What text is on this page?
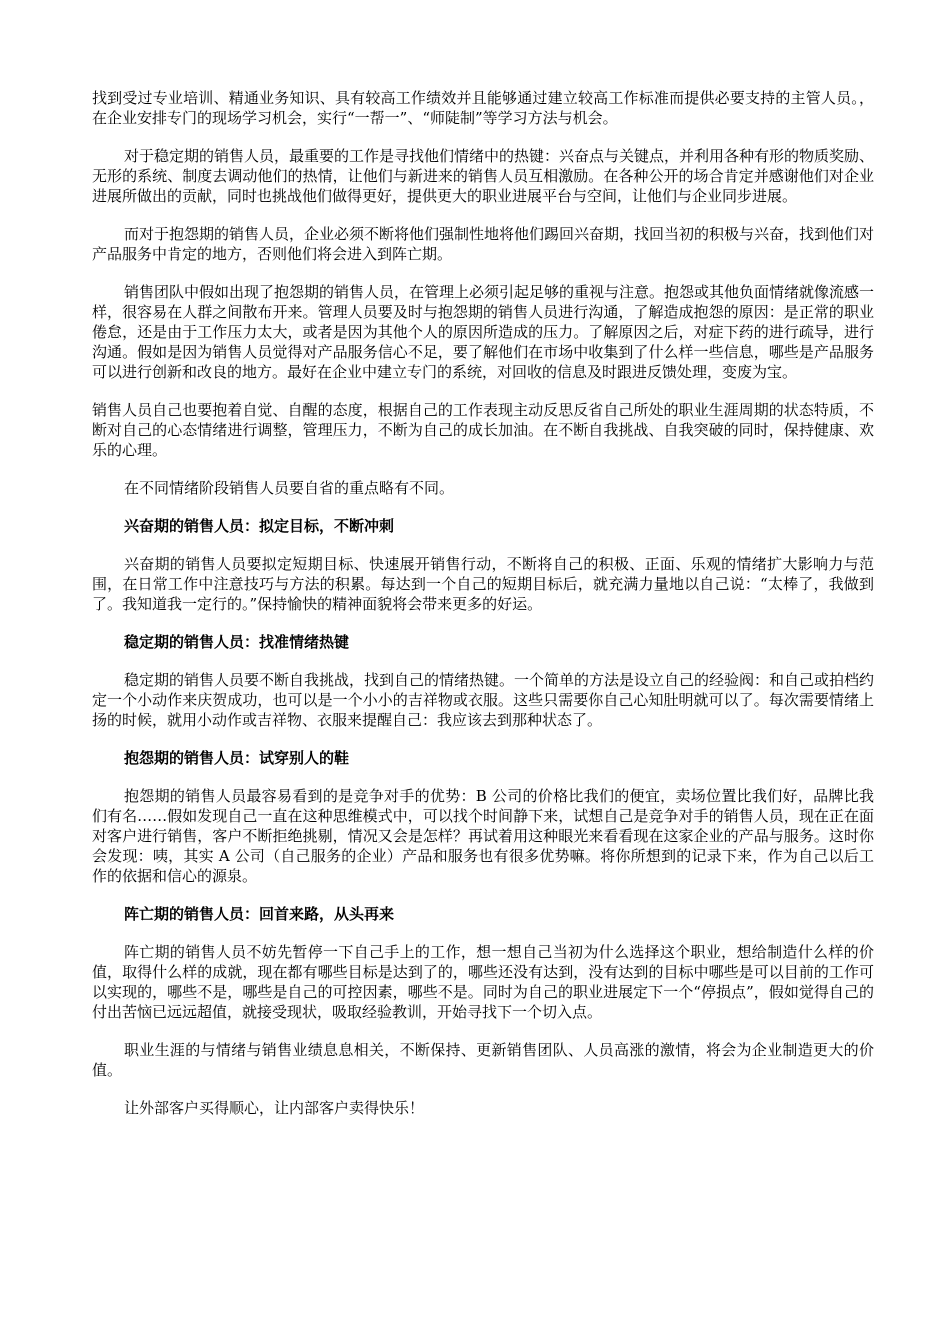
找到受过专业培训、精通业务知识、具有较高工作绩效并且能够通过建立较高工作标准而提供必要支持的主管人员。，在企业安排专门的现场学习机会，实行“一帮一”、“师陡制”等学习方法与机会。

对于稳定期的销售人员，最重要的工作是寻找他们情绪中的热键：兴奋点与关键点，并利用各种有形的物质奖励、无形的系统、制度去调动他们的热情，让他们与新进来的销售人员互相激励。在各种公开的场合肯定并感谢他们对企业进展所做出的贡献，同时也挑战他们做得更好，提供更大的职业进展平台与空间，让他们与企业同步进展。

而对于抱怨期的销售人员，企业必须不断将他们强制性地将他们踢回兴奋期，找回当初的积极与兴奋，找到他们对产品服务中肯定的地方，否则他们将会进入到阵亡期。

销售团队中假如出现了抱怨期的销售人员，在管理上必须引起足够的重视与注意。抱怨或其他负面情绪就像流感一样，很容易在人群之间散布开来。管理人员要及时与抱怨期的销售人员进行沟通，了解造成抱怨的原因：是正常的职业倦怠，还是由于工作压力太大，或者是因为其他个人的原因所造成的压力。了解原因之后，对症下药的进行疏导，进行沟通。假如是因为销售人员觉得对产品服务信心不足，要了解他们在市场中收集到了什么样一些信息，哪些是产品服务可以进行创新和改良的地方。最好在企业中建立专门的系统，对回收的信息及时跟进反馈处理，变废为宝。

销售人员自己也要抱着自觉、自醒的态度，根据自己的工作表现主动反思反省自己所处的职业生涯周期的状态特质，不断对自己的心态情绪进行调整，管理压力，不断为自己的成长加油。在不断自我挑战、自我突破的同时，保持健康、欢乐的心理。

在不同情绪阶段销售人员要自省的重点略有不同。

兴奋期的销售人员：拟定目标，不断冲刺

兴奋期的销售人员要拟定短期目标、快速展开销售行动，不断将自己的积极、正面、乐观的情绪扩大影响力与范围，在日常工作中注意技巧与方法的积累。每达到一个自己的短期目标后，就充满力量地以自己说：“太棒了，我做到了。我知道我一定行的。”保持愉快的精神面貌将会带来更多的好运。

稳定期的销售人员：找准情绪热键

稳定期的销售人员要不断自我挑战，找到自己的情绪热键。一个简单的方法是设立自己的经验阀：和自己或拍档约定一个小动作来庆贺成功，也可以是一个小小的吉祥物或衣服。这些只需要你自己心知肚明就可以了。每次需要情绪上扬的时候，就用小动作或吉祥物、衣服来提醒自己：我应该去到那种状态了。

抱怨期的销售人员：试穿别人的鞋

抱怨期的销售人员最容易看到的是竞争对手的优势：B 公司的价格比我们的便宜，卖场位置比我们好，品牌比我们有名……假如发现自己一直在这种思维模式中，可以找个时间静下来，试想自己是竞争对手的销售人员，现在正在面对客户进行销售，客户不断拒绝挑剔，情况又会是怎样？再试着用这种眼光来看看现在这家企业的产品与服务。这时你会发现：咦，其实 A 公司（自己服务的企业）产品和服务也有很多优势嘛。将你所想到的记录下来，作为自己以后工作的依据和信心的源泉。

阵亡期的销售人员：回首来路，从头再来

阵亡期的销售人员不妨先暂停一下自己手上的工作，想一想自己当初为什么选择这个职业，想给制造什么样的价值，取得什么样的成就，现在都有哪些目标是达到了的，哪些还没有达到，没有达到的目标中哪些是可以目前的工作可以实现的，哪些不是，哪些是自己的可控因素，哪些不是。同时为自己的职业进展定下一个“停损点”，假如觉得自己的付出苦恼已远远超值，就接受现状，吸取经验教训，开始寻找下一个切入点。

职业生涯的与情绪与销售业绩息息相关，不断保持、更新销售团队、人员高涨的激情，将会为企业制造更大的价值。

让外部客户买得顺心，让内部客户卖得快乐！
